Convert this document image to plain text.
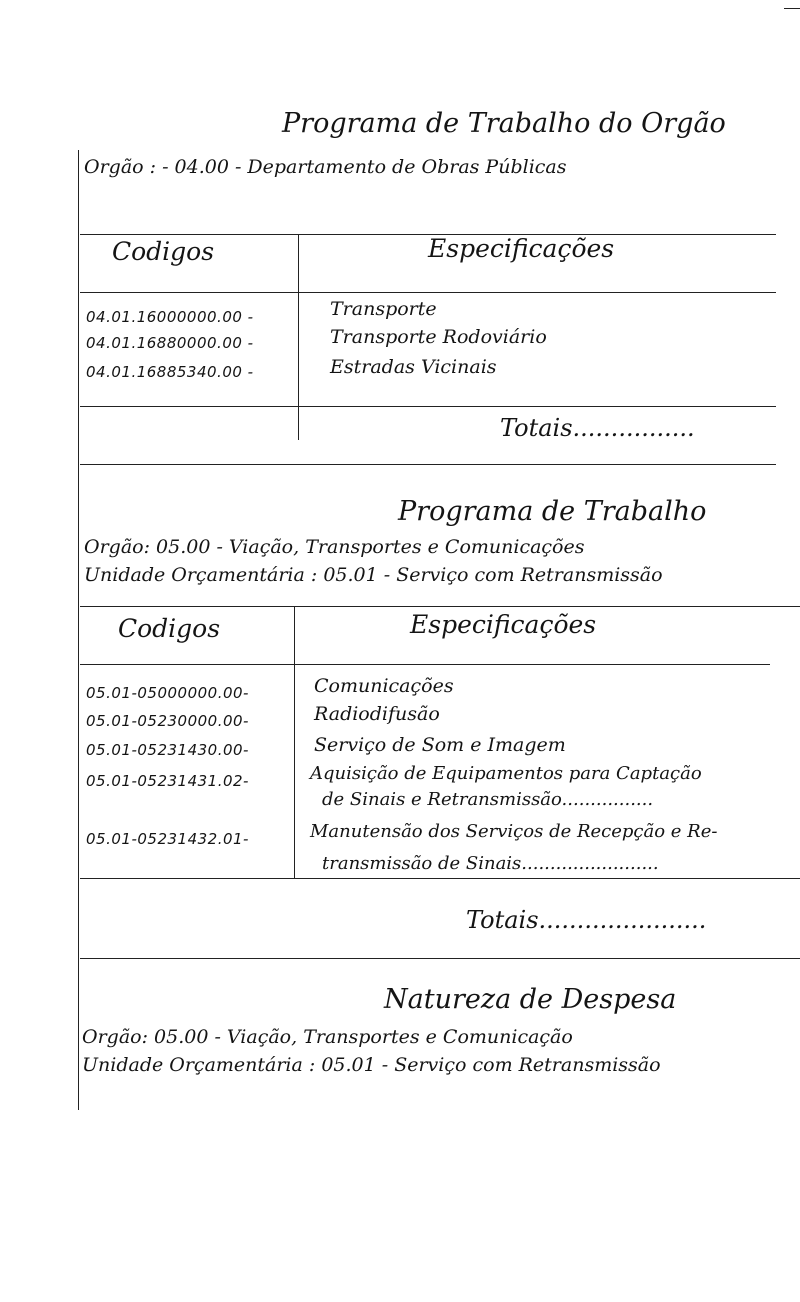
Programa de Trabalho do Orgão
Orgão : - 04.00 - Departamento de Obras Públicas
Codigos	Especificações
04.01.16000000.00 -	Transporte
04.01.16880000.00 -	Transporte Rodoviário
04.01.16885340.00 -	Estradas Vicinais
Totais................
Programa de Trabalho
Orgão: 05.00 - Viação, Transportes e Comunicações
Unidade Orçamentária : 05.01 - Serviço com Retransmissão
Codigos	Especificações
05.01-05000000.00-	Comunicações
05.01-05230000.00-	Radiodifusão
05.01-05231430.00-	Serviço de Som e Imagem
05.01-05231431.02-	Aquisição de Equipamentos para Captação
de Sinais e Retransmissão................
05.01-05231432.01-	Manutensão dos Serviços de Recepção e Re-
transmissão de Sinais........................
Totais......................
Natureza de Despesa
Orgão: 05.00 - Viação, Transportes e Comunicação
Unidade Orçamentária : 05.01 - Serviço com Retransmissão
